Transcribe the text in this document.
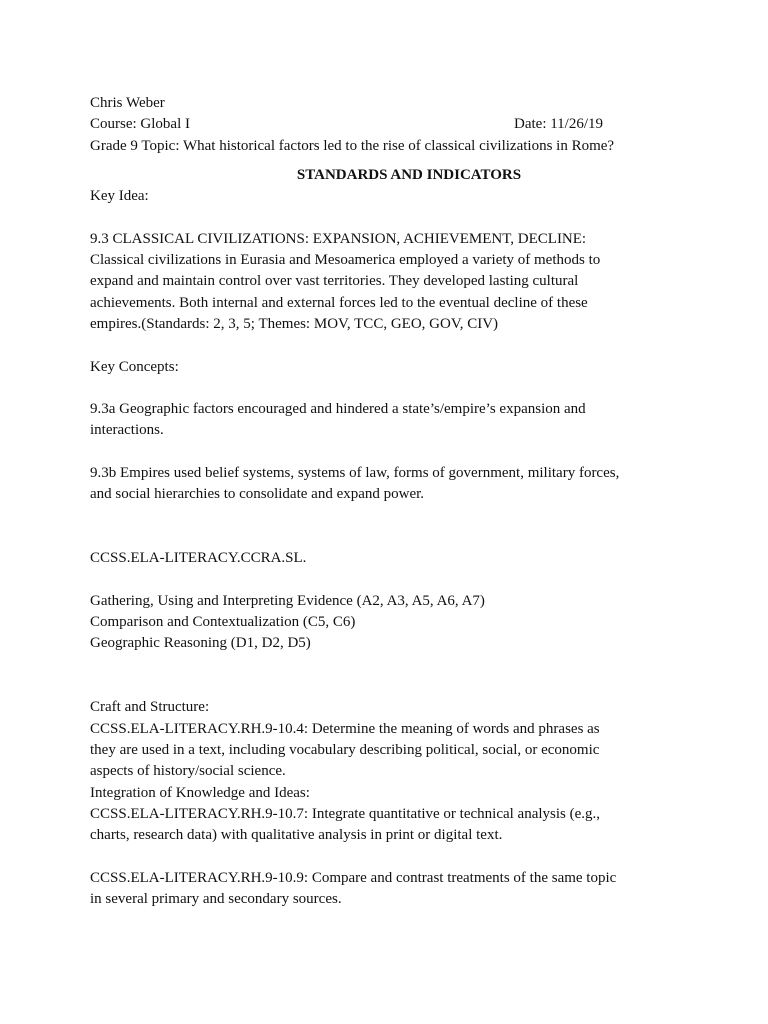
Chris Weber
Course: Global I	Date: 11/26/19
Grade 9 Topic: What historical factors led to the rise of classical civilizations in Rome?
STANDARDS AND INDICATORS
Key Idea:
9.3 CLASSICAL CIVILIZATIONS: EXPANSION, ACHIEVEMENT, DECLINE:
Classical civilizations in Eurasia and Mesoamerica employed a variety of methods to
expand and maintain control over vast territories. They developed lasting cultural
achievements. Both internal and external forces led to the eventual decline of these
empires.(Standards: 2, 3, 5; Themes: MOV, TCC, GEO, GOV, CIV)
Key Concepts:
9.3a Geographic factors encouraged and hindered a state’s/empire’s expansion and
interactions.
9.3b Empires used belief systems, systems of law, forms of government, military forces,
and social hierarchies to consolidate and expand power.
CCSS.ELA-LITERACY.CCRA.SL.
Gathering, Using and Interpreting Evidence (A2, A3, A5, A6, A7)
Comparison and Contextualization (C5, C6)
Geographic Reasoning (D1, D2, D5)
Craft and Structure:
CCSS.ELA-LITERACY.RH.9-10.4: Determine the meaning of words and phrases as
they are used in a text, including vocabulary describing political, social, or economic
aspects of history/social science.
Integration of Knowledge and Ideas:
CCSS.ELA-LITERACY.RH.9-10.7: Integrate quantitative or technical analysis (e.g.,
charts, research data) with qualitative analysis in print or digital text.
CCSS.ELA-LITERACY.RH.9-10.9: Compare and contrast treatments of the same topic
in several primary and secondary sources.
